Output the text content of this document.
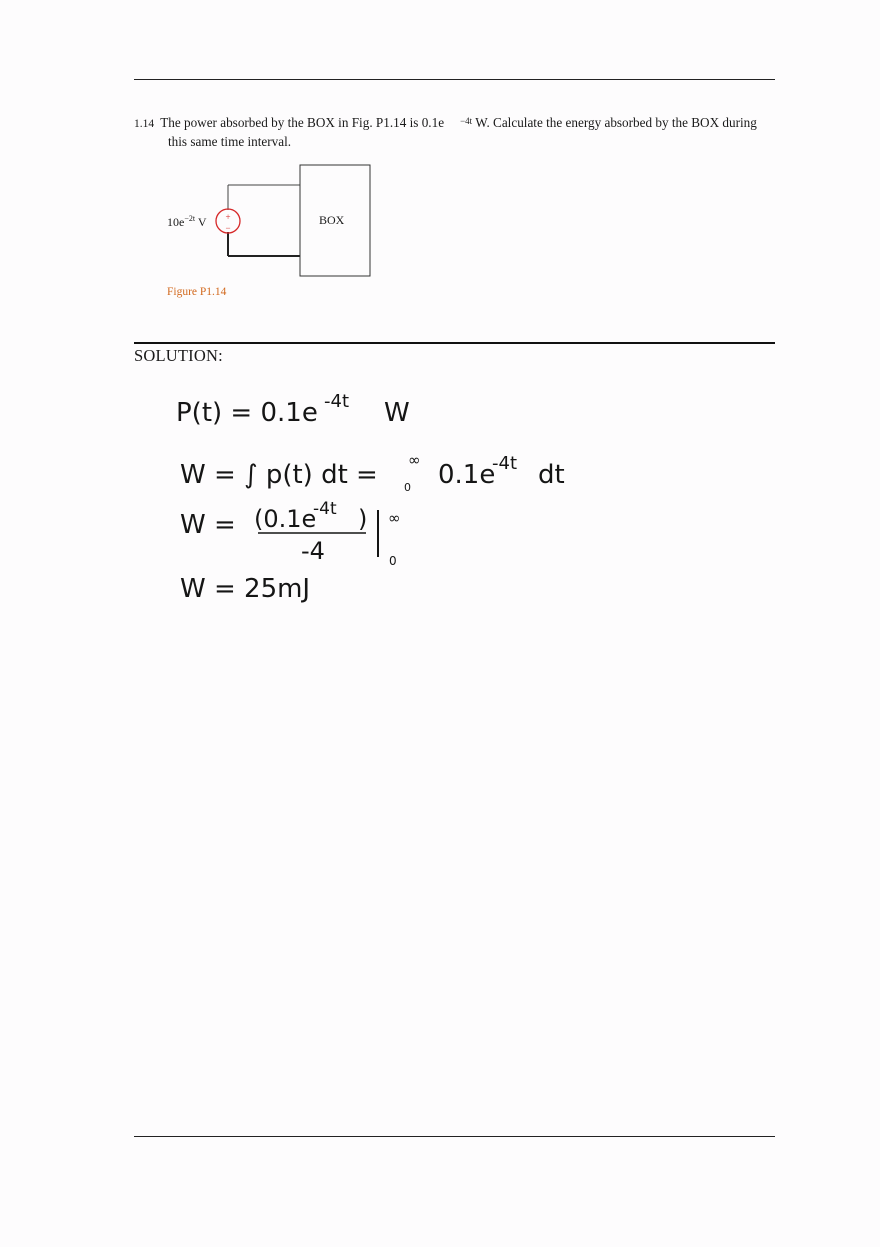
1.14 The power absorbed by the BOX in Fig. P1.14 is 0.1e $^{-4t}$ W. Calculate the energy absorbed by the BOX during
this same time interval.
+
−
$10e^{-2t}$ V	BOX
Figure P1.14
SOLUTION:
P(t) = 0.1e -4t W
W = ∫ p(t) dt = ∞
0 0.1e
-4t dt
W = (0.1e
-4t )
-4
∞
0
W = 25mJ
